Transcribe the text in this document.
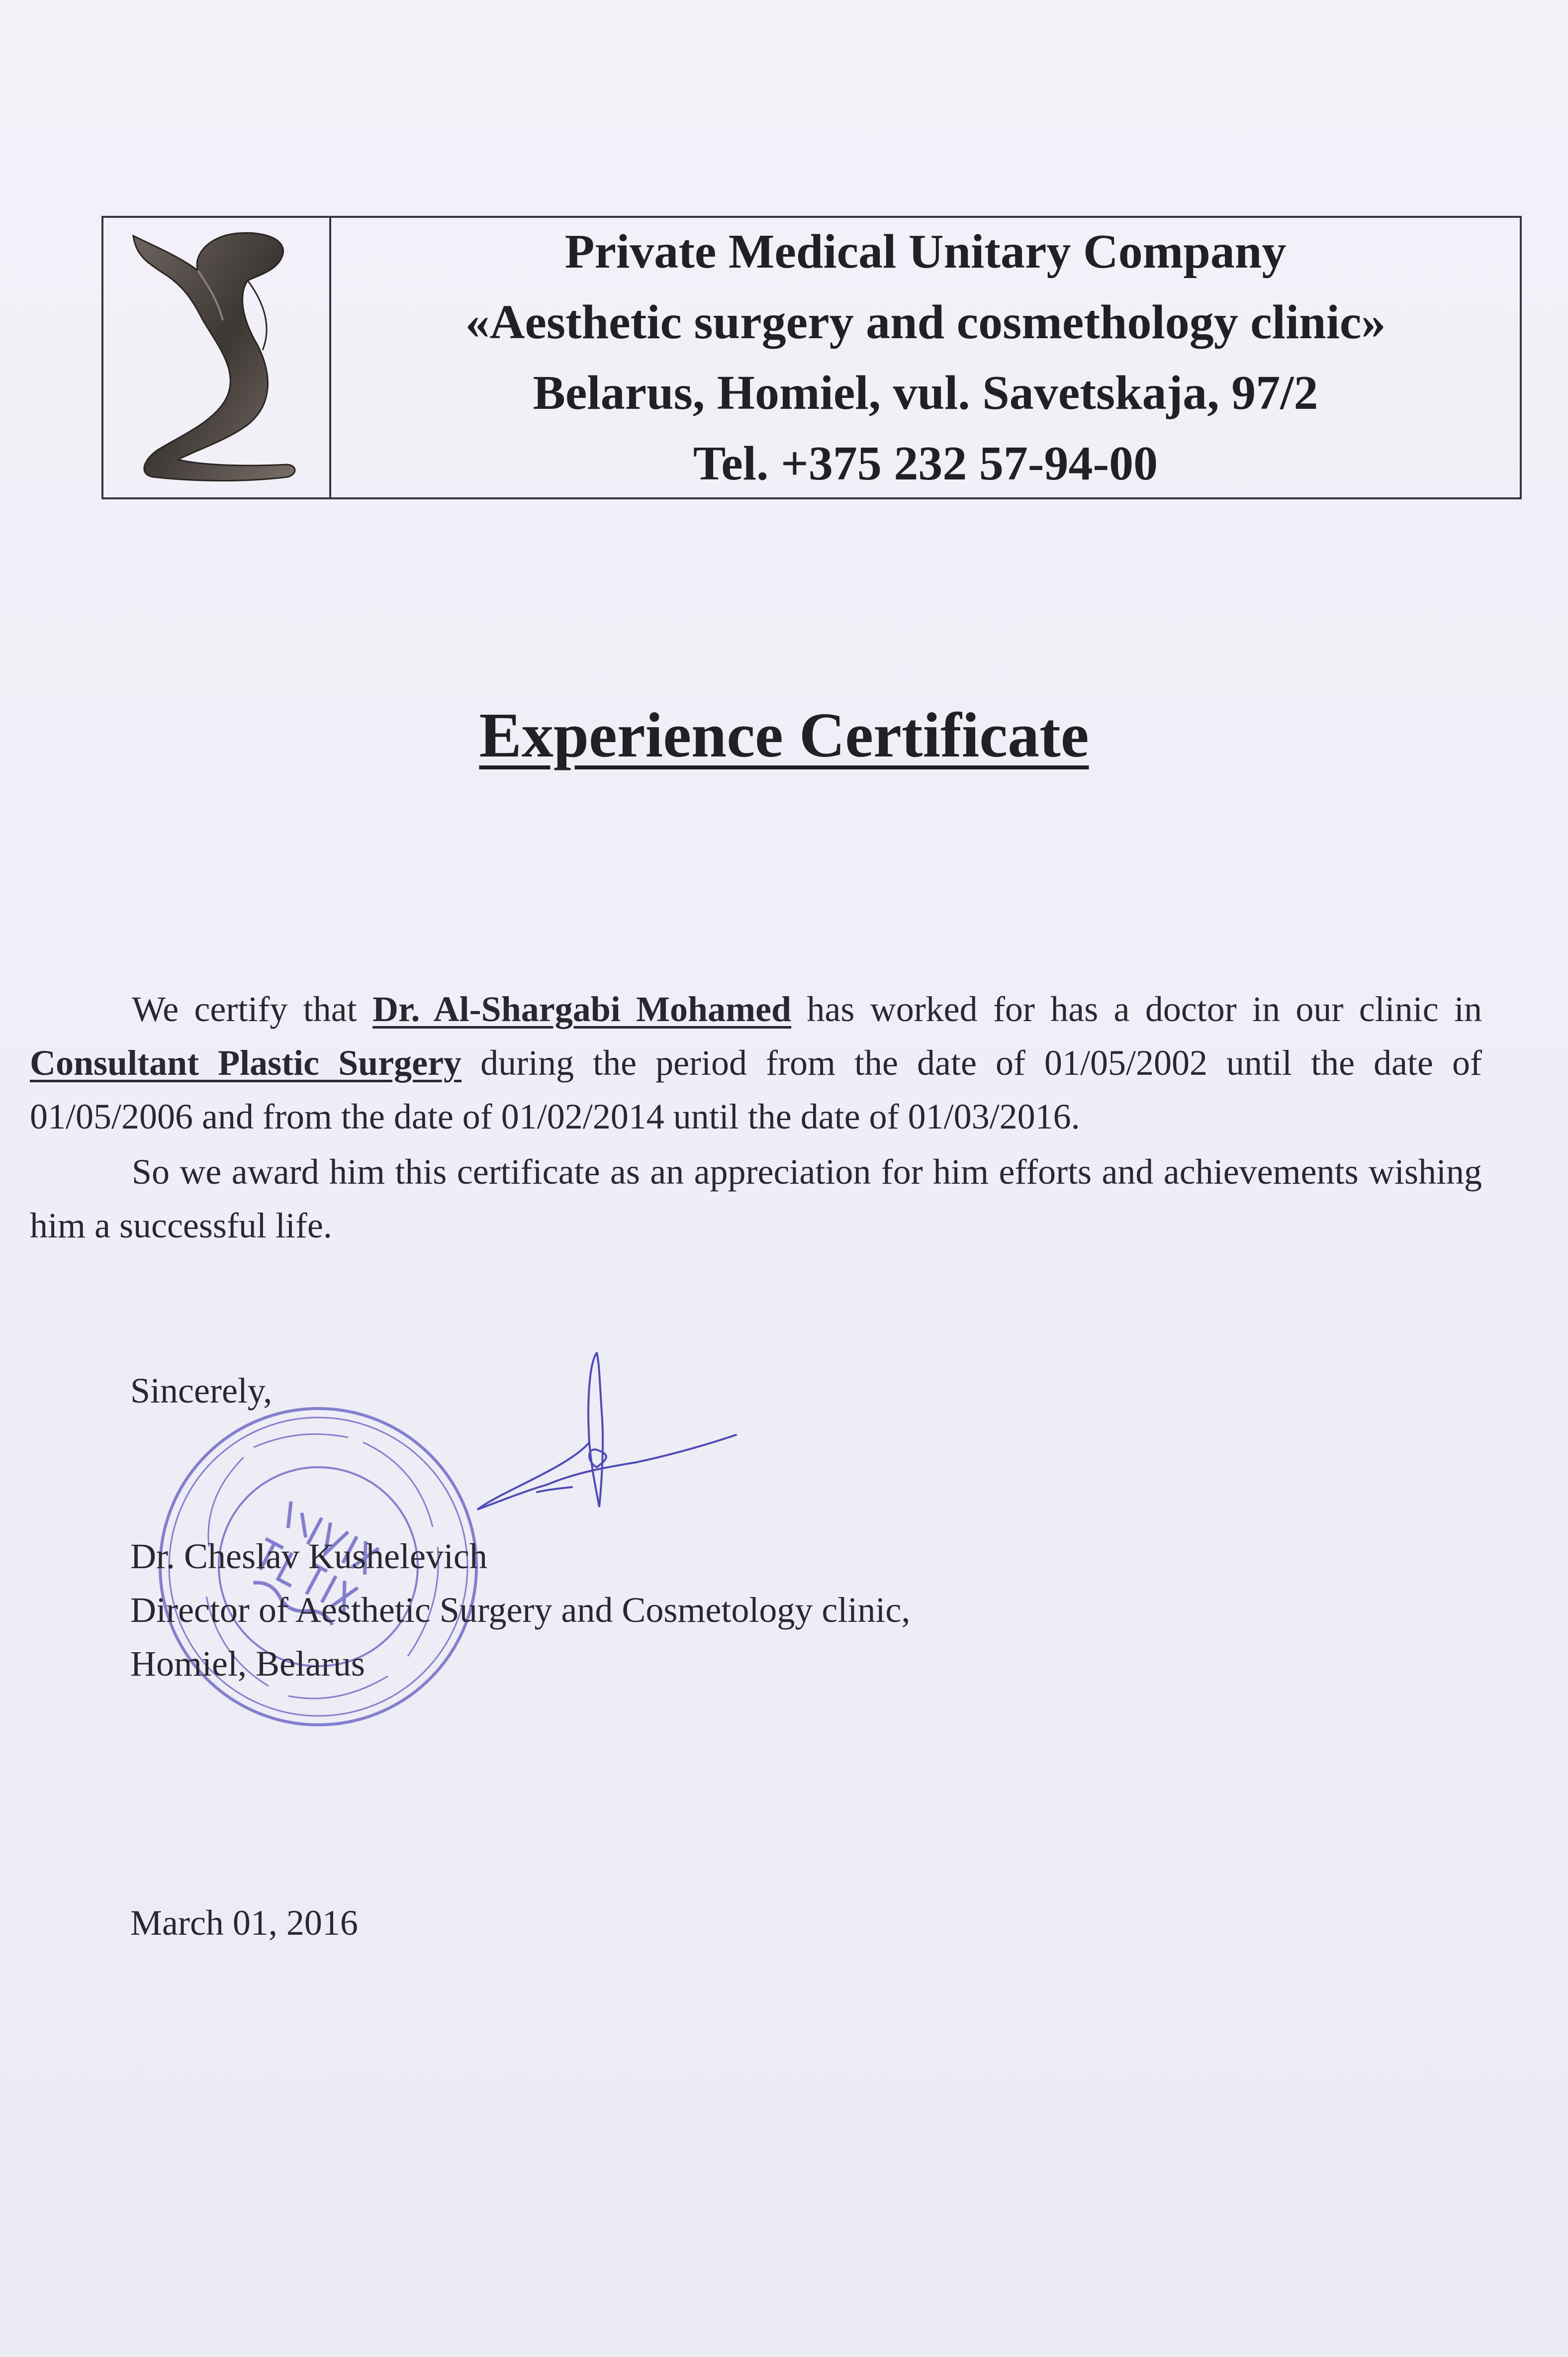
Private Medical Unitary Company
«Aesthetic surgery and cosmethology clinic»
Belarus, Homiel, vul. Savetskaja, 97/2
Tel. +375 232 57-94-00
Experience Certificate

We certify that Dr. Al-Shargabi Mohamed has worked for has a doctor in our clinic in Consultant Plastic Surgery during the period from the date of 01/05/2002 until the date of 01/05/2006 and from the date of 01/02/2014 until the date of 01/03/2016.

So we award him this certificate as an appreciation for him efforts and achievements wishing him a successful life.

Sincerely,
Dr. Cheslav Kushelevich
Director of Aesthetic Surgery and Cosmetology clinic,
Homiel, Belarus
March 01, 2016
